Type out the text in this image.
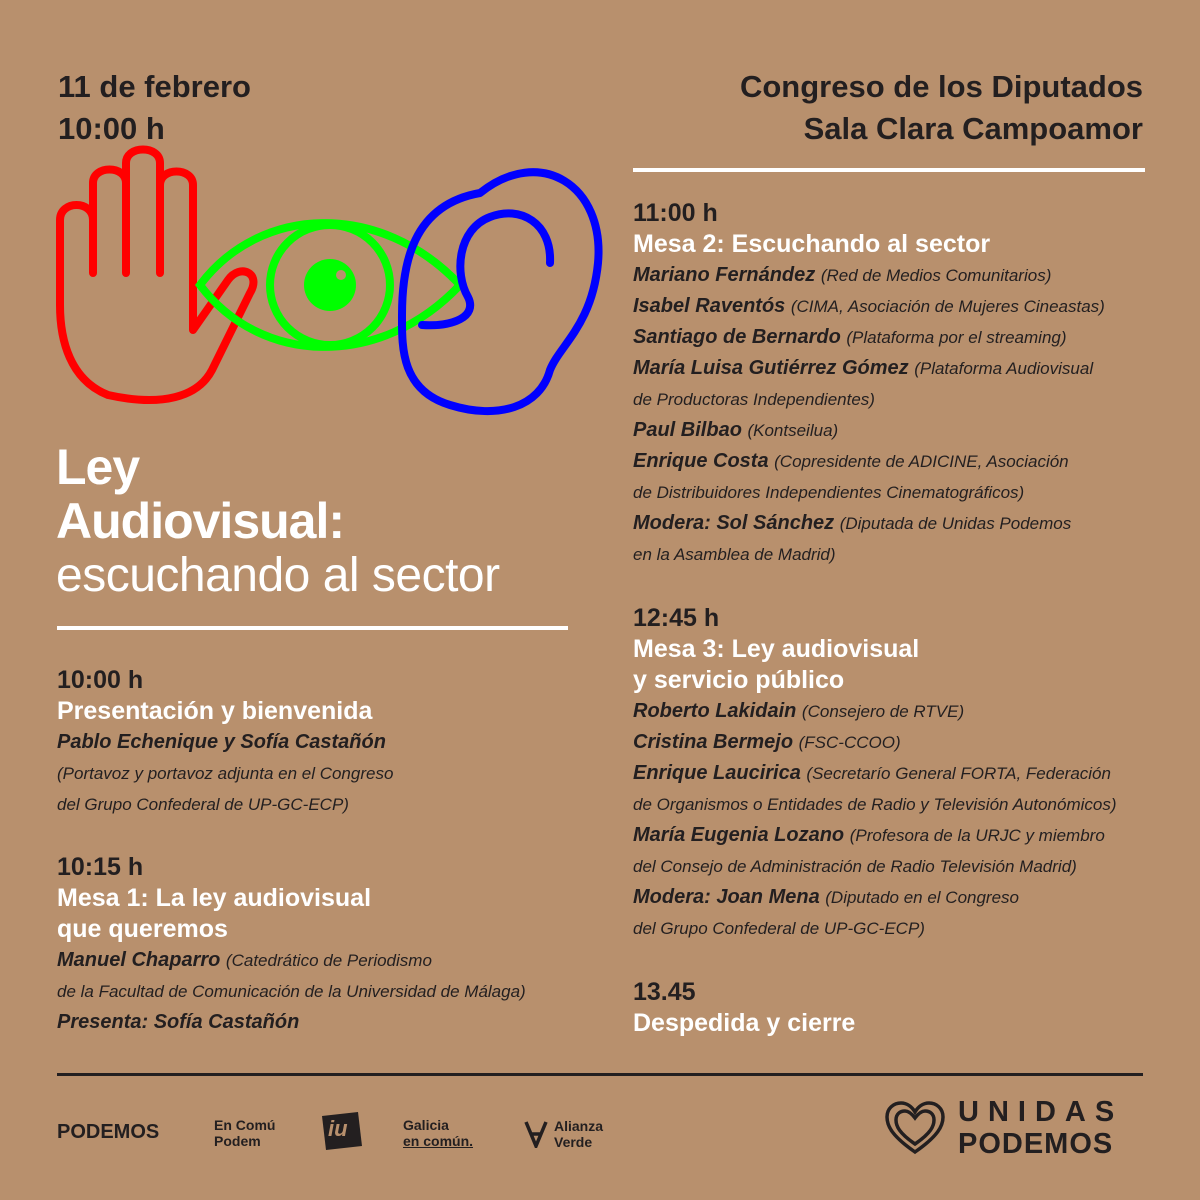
11 de febrero
10:00 h
Congreso de los Diputados
Sala Clara Campoamor
Ley
Audiovisual:
escuchando al sector
10:00 h
Presentación y bienvenida
Pablo Echenique y Sofía Castañón
(Portavoz y portavoz adjunta en el Congreso
del Grupo Confederal de UP-GC-ECP)
10:15 h
Mesa 1: La ley audiovisual
que queremos
Manuel Chaparro (Catedrático de Periodismo
de la Facultad de Comunicación de la Universidad de Málaga)
Presenta: Sofía Castañón
11:00 h
Mesa 2: Escuchando al sector
Mariano Fernández (Red de Medios Comunitarios)
Isabel Raventós (CIMA, Asociación de Mujeres Cineastas)
Santiago de Bernardo (Plataforma por el streaming)
María Luisa Gutiérrez Gómez (Plataforma Audiovisual
de Productoras Independientes)
Paul Bilbao (Kontseilua)
Enrique Costa (Copresidente de ADICINE, Asociación
de Distribuidores Independientes Cinematográficos)
Modera: Sol Sánchez (Diputada de Unidas Podemos
en la Asamblea de Madrid)
12:45 h
Mesa 3: Ley audiovisual
y servicio público
Roberto Lakidain (Consejero de RTVE)
Cristina Bermejo (FSC-CCOO)
Enrique Laucirica (Secretarío General FORTA, Federación
de Organismos o Entidades de Radio y Televisión Autonómicos)
María Eugenia Lozano (Profesora de la URJC y miembro
del Consejo de Administración de Radio Televisión Madrid)
Modera: Joan Mena (Diputado en el Congreso
del Grupo Confederal de UP-GC-ECP)
13.45
Despedida y cierre
PODEMOS	En Comú
Podem	iu	Galicia
en común.
Alianza
Verde
UNIDAS
PODEMOS
